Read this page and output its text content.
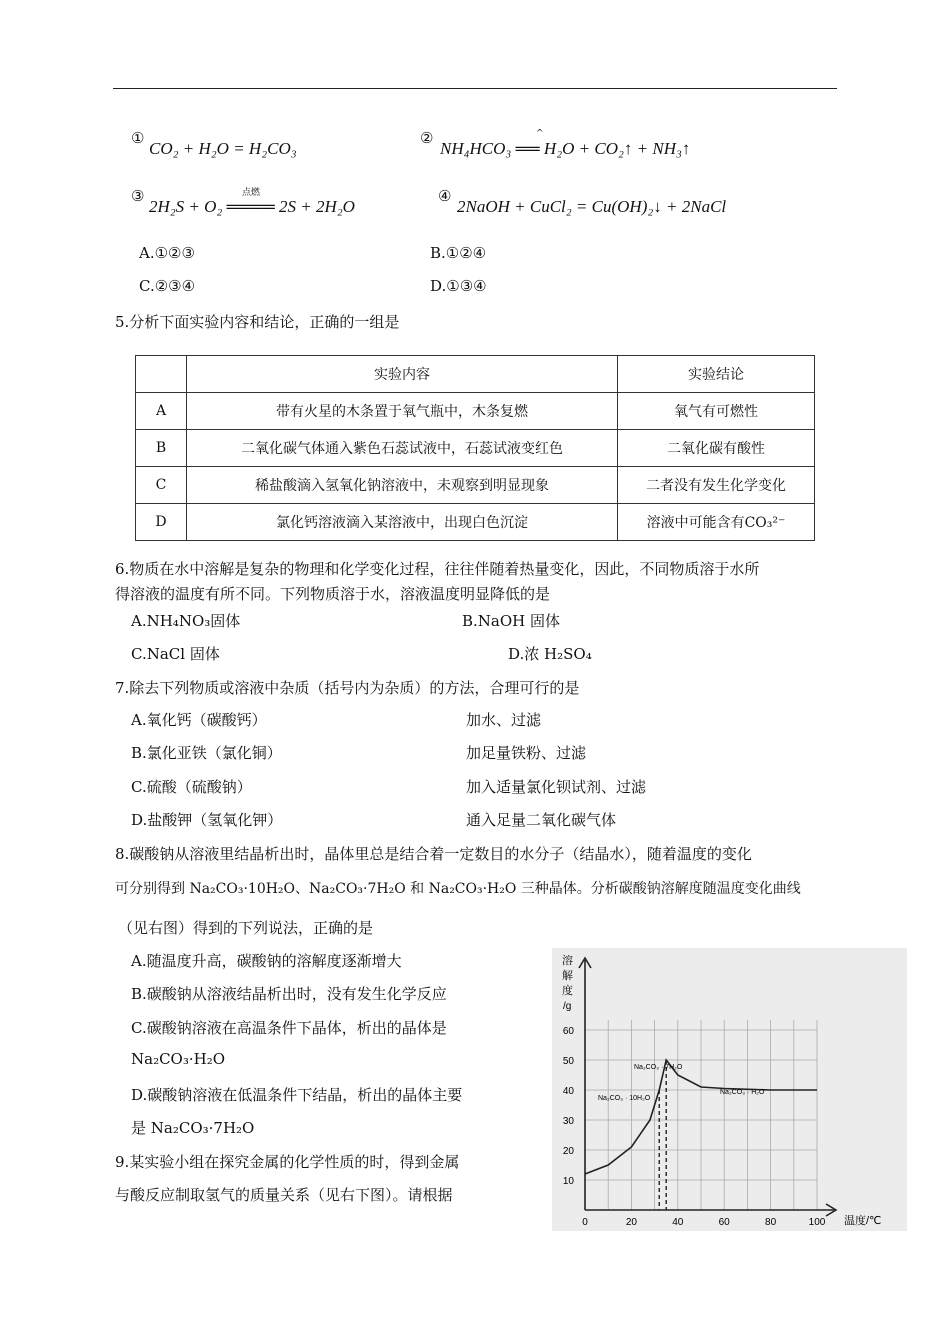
①
CO₂ + H₂O = H₂CO₃
②	^
NH₄HCO₃ ══ H₂O + CO₂↑ + NH₃↑
③	点燃
2H₂S + O₂ ════ 2S + 2H₂O
④
2NaOH + CuCl₂ = Cu(OH)₂↓ + 2NaCl
A.①②③	B.①②④
C.②③④	D.①③④
5.分析下面实验内容和结论，正确的一组是
	实验内容	实验结论
A	带有火星的木条置于氧气瓶中，木条复燃	氧气有可燃性
B	二氧化碳气体通入紫色石蕊试液中，石蕊试液变红色	二氧化碳有酸性
C	稀盐酸滴入氢氧化钠溶液中，未观察到明显现象	二者没有发生化学变化
D	氯化钙溶液滴入某溶液中，出现白色沉淀	溶液中可能含有CO₃²⁻
6.物质在水中溶解是复杂的物理和化学变化过程，往往伴随着热量变化，因此，不同物质溶于水所
得溶液的温度有所不同。下列物质溶于水，溶液温度明显降低的是
A.NH₄NO₃固体	B.NaOH 固体
C.NaCl 固体	D.浓 H₂SO₄
7.除去下列物质或溶液中杂质（括号内为杂质）的方法，合理可行的是
A.氧化钙（碳酸钙）	加水、过滤
B.氯化亚铁（氯化铜）	加足量铁粉、过滤
C.硫酸（硫酸钠）	加入适量氯化钡试剂、过滤
D.盐酸钾（氢氧化钾）	通入足量二氧化碳气体
8.碳酸钠从溶液里结晶析出时，晶体里总是结合着一定数目的水分子（结晶水），随着温度的变化
可分别得到 Na₂CO₃·10H₂O、Na₂CO₃·7H₂O 和 Na₂CO₃·H₂O 三种晶体。分析碳酸钠溶解度随温度变化曲线
（见右图）得到的下列说法，正确的是
A.随温度升高，碳酸钠的溶解度逐渐增大
B.碳酸钠从溶液结晶析出时，没有发生化学反应
C.碳酸钠溶液在高温条件下晶体，析出的晶体是
Na₂CO₃·H₂O
D.碳酸钠溶液在低温条件下结晶，析出的晶体主要
是 Na₂CO₃·7H₂O
9.某实验小组在探究金属的化学性质的时，得到金属
与酸反应制取氢气的质量关系（见右下图）。请根据
0	20	40	60	80	100
10
20
30
40
50
60
溶
解
度
/g
温度/℃
Na₂CO₃ · 10H₂O
Na₂CO₃ · 7H₂O
Na₂CO₃ · H₂O
